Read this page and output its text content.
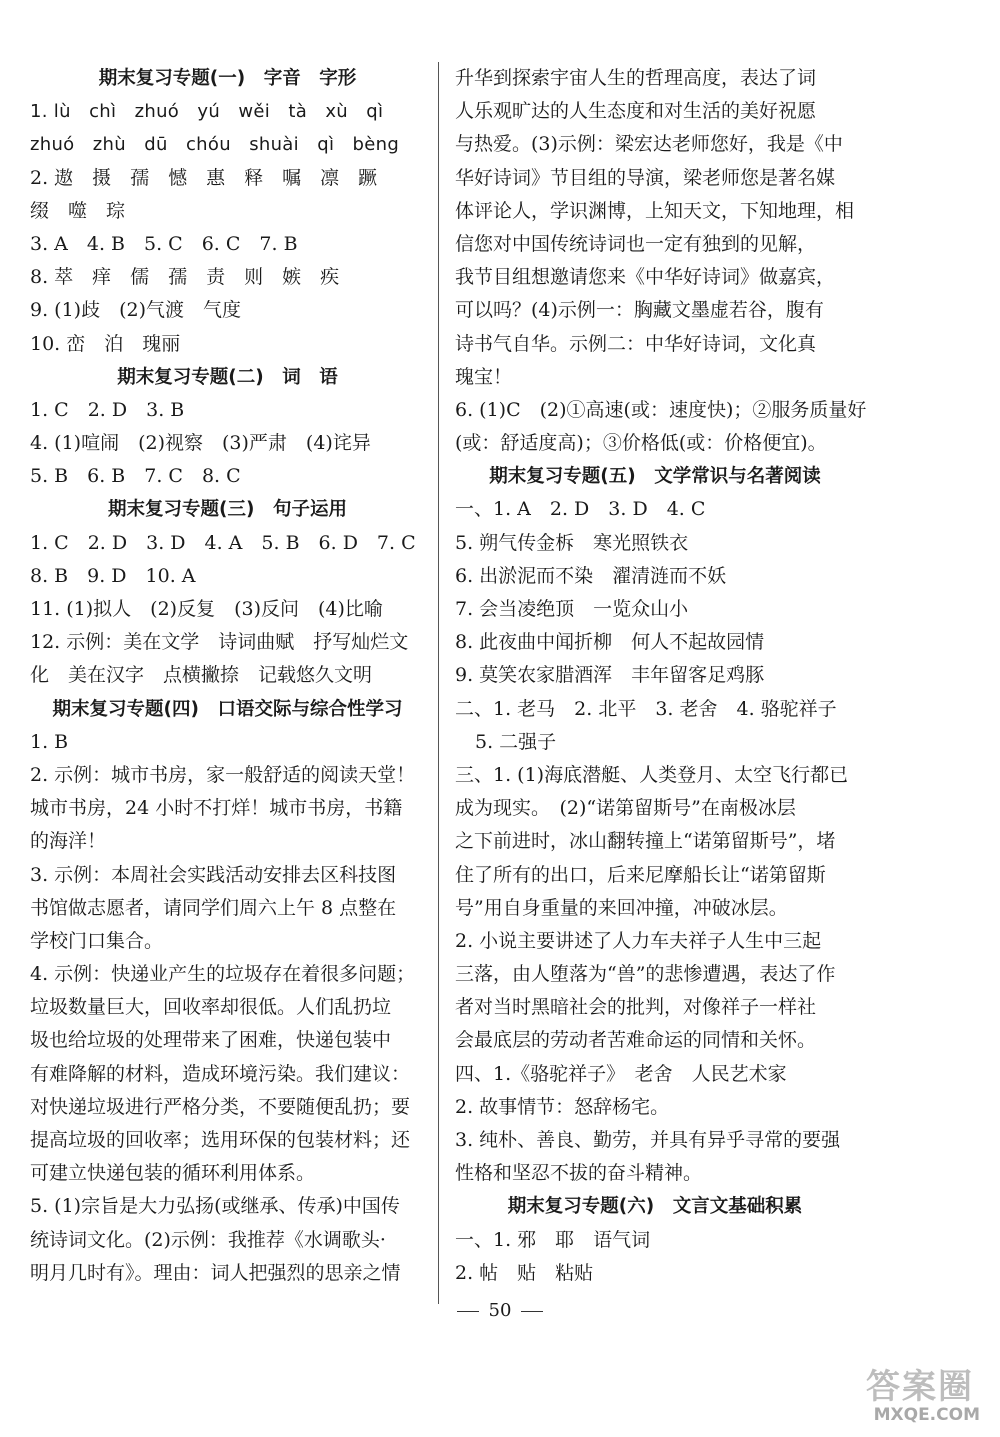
期末复习专题(一)　字音　字形
1. lù　chì　zhuó　yú　wěi　tà　xù　qì
zhuó　zhù　dū　chóu　shuài　qì　bèng
2. 遨　摄　孺　憾　惠　释　嘱　凛　蹶
缀　噬　琮
3. A　4. B　5. C　6. C　7. B
8. 萃　痒　儒　孺　责　则　嫉　疾
9. (1)歧　(2)气渡　气度
10. 峦　泊　瑰丽
期末复习专题(二)　词　语
1. C　2. D　3. B
4. (1)喧闹　(2)视察　(3)严肃　(4)诧异
5. B　6. B　7. C　8. C
期末复习专题(三)　句子运用
1. C　2. D　3. D　4. A　5. B　6. D　7. C
8. B　9. D　10. A
11. (1)拟人　(2)反复　(3)反问　(4)比喻
12. 示例：美在文学　诗词曲赋　抒写灿烂文
化　美在汉字　点横撇捺　记载悠久文明
期末复习专题(四)　口语交际与综合性学习
1. B
2. 示例：城市书房，家一般舒适的阅读天堂！
城市书房，24 小时不打烊！城市书房，书籍
的海洋！
3. 示例：本周社会实践活动安排去区科技图
书馆做志愿者，请同学们周六上午 8 点整在
学校门口集合。
4. 示例：快递业产生的垃圾存在着很多问题；
垃圾数量巨大，回收率却很低。人们乱扔垃
圾也给垃圾的处理带来了困难，快递包装中
有难降解的材料，造成环境污染。我们建议：
对快递垃圾进行严格分类，不要随便乱扔；要
提高垃圾的回收率；选用环保的包装材料；还
可建立快递包装的循环利用体系。
5. (1)宗旨是大力弘扬(或继承、传承)中国传
统诗词文化。(2)示例：我推荐《水调歌头·
明月几时有》。理由：词人把强烈的思亲之情
升华到探索宇宙人生的哲理高度，表达了词
人乐观旷达的人生态度和对生活的美好祝愿
与热爱。(3)示例：梁宏达老师您好，我是《中
华好诗词》节目组的导演，梁老师您是著名媒
体评论人，学识渊博，上知天文，下知地理，相
信您对中国传统诗词也一定有独到的见解，
我节目组想邀请您来《中华好诗词》做嘉宾，
可以吗？(4)示例一：胸藏文墨虚若谷，腹有
诗书气自华。示例二：中华好诗词，文化真
瑰宝！
6. (1)C　(2)①高速(或：速度快)；②服务质量好
(或：舒适度高)；③价格低(或：价格便宜)。
期末复习专题(五)　文学常识与名著阅读
一、1. A　2. D　3. D　4. C
5. 朔气传金柝　寒光照铁衣
6. 出淤泥而不染　濯清涟而不妖
7. 会当凌绝顶　一览众山小
8. 此夜曲中闻折柳　何人不起故园情
9. 莫笑农家腊酒浑　丰年留客足鸡豚
二、1. 老马　2. 北平　3. 老舍　4. 骆驼祥子
5. 二强子
三、1. (1)海底潜艇、人类登月、太空飞行都已
成为现实。　(2)“诺第留斯号”在南极冰层
之下前进时，冰山翻转撞上“诺第留斯号”，堵
住了所有的出口，后来尼摩船长让“诺第留斯
号”用自身重量的来回冲撞，冲破冰层。
2. 小说主要讲述了人力车夫祥子人生中三起
三落，由人堕落为“兽”的悲惨遭遇，表达了作
者对当时黑暗社会的批判，对像祥子一样社
会最底层的劳动者苦难命运的同情和关怀。
四、1.《骆驼祥子》　老舍　人民艺术家
2. 故事情节：怒辞杨宅。
3. 纯朴、善良、勤劳，并具有异乎寻常的要强
性格和坚忍不拔的奋斗精神。
期末复习专题(六)　文言文基础积累
一、1. 邪　耶　语气词
2. 帖　贴　粘贴
50
答案圈
MXQE.COM
